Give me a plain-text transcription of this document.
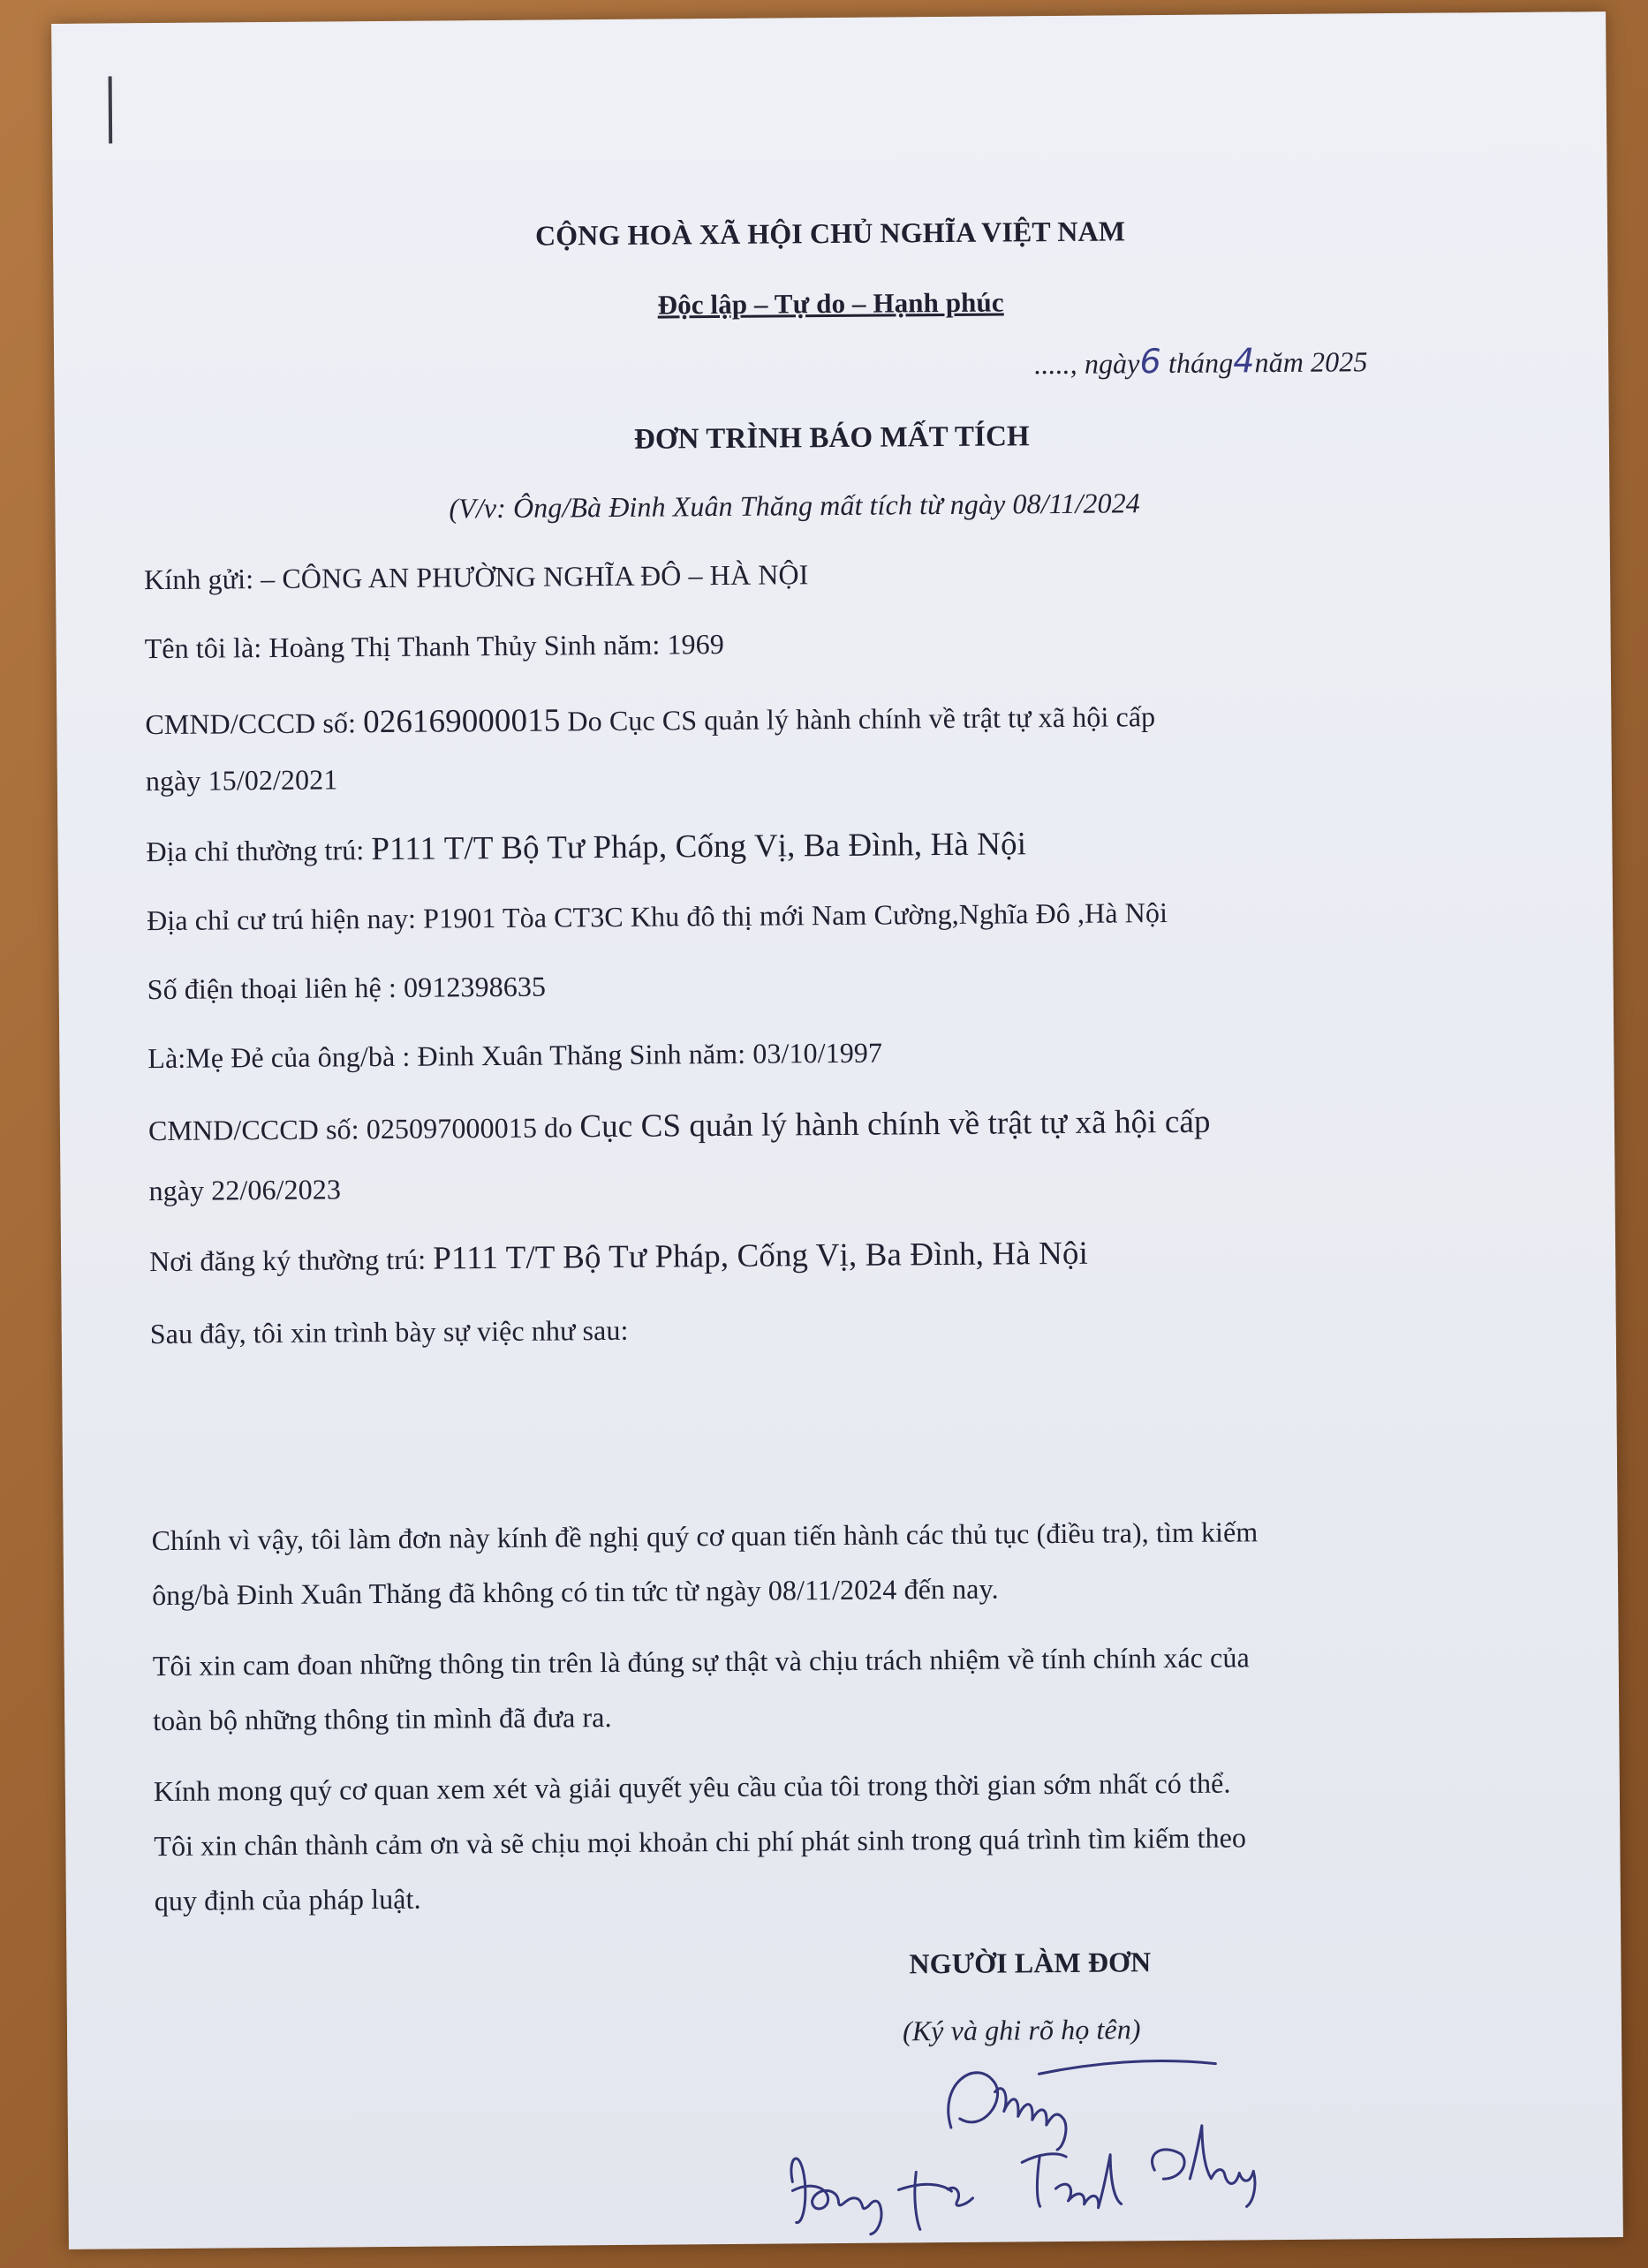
CỘNG HOÀ XÃ HỘI CHỦ NGHĨA VIỆT NAM
Độc lập – Tự do – Hạnh phúc
....., ngày6 tháng4năm 2025
ĐƠN TRÌNH BÁO MẤT TÍCH
(V/v: Ông/Bà Đinh Xuân Thăng mất tích từ ngày 08/11/2024
Kính gửi: – CÔNG AN PHƯỜNG NGHĨA ĐÔ – HÀ NỘI
Tên tôi là: Hoàng Thị Thanh Thủy Sinh năm: 1969
CMND/CCCD số: 026169000015 Do Cục CS quản lý hành chính về trật tự xã hội cấp
ngày 15/02/2021
Địa chỉ thường trú: P111 T/T Bộ Tư Pháp, Cống Vị, Ba Đình, Hà Nội
Địa chỉ cư trú hiện nay: P1901 Tòa CT3C Khu đô thị mới Nam Cường,Nghĩa Đô ,Hà Nội
Số điện thoại liên hệ : 0912398635
Là:Mẹ Đẻ của ông/bà : Đinh Xuân Thăng Sinh năm: 03/10/1997
CMND/CCCD số: 025097000015 do Cục CS quản lý hành chính về trật tự xã hội cấp
ngày 22/06/2023
Nơi đăng ký thường trú: P111 T/T Bộ Tư Pháp, Cống Vị, Ba Đình, Hà Nội
Sau đây, tôi xin trình bày sự việc như sau:
Chính vì vậy, tôi làm đơn này kính đề nghị quý cơ quan tiến hành các thủ tục (điều tra), tìm kiếm
ông/bà Đinh Xuân Thăng đã không có tin tức từ ngày 08/11/2024 đến nay.
Tôi xin cam đoan những thông tin trên là đúng sự thật và chịu trách nhiệm về tính chính xác của
toàn bộ những thông tin mình đã đưa ra.
Kính mong quý cơ quan xem xét và giải quyết yêu cầu của tôi trong thời gian sớm nhất có thể.
Tôi xin chân thành cảm ơn và sẽ chịu mọi khoản chi phí phát sinh trong quá trình tìm kiếm theo
quy định của pháp luật.
NGƯỜI LÀM ĐƠN
(Ký và ghi rõ họ tên)
